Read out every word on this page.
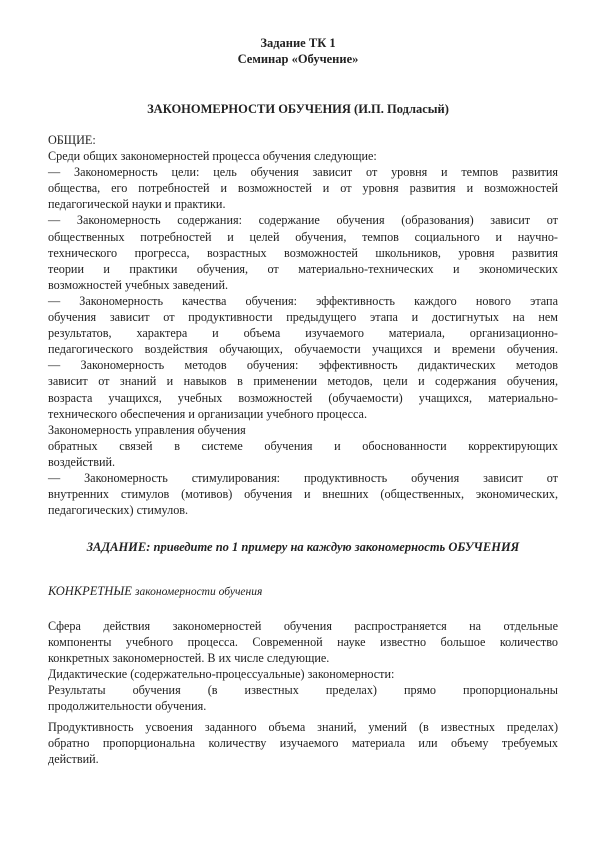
Задание ТК 1
Семинар «Обучение»
ЗАКОНОМЕРНОСТИ ОБУЧЕНИЯ (И.П. Подласый)
ОБЩИЕ:
Среди общих закономерностей процесса обучения следующие:
— Закономерность цели: цель обучения зависит от уровня и темпов развития
общества, его потребностей и возможностей и от уровня развития и возможностей
педагогической науки и практики.
— Закономерность содержания: содержание обучения (образования) зависит от
общественных потребностей и целей обучения, темпов социального и научно-
технического прогресса, возрастных возможностей школьников, уровня развития
теории и практики обучения, от материально-технических и экономических
возможностей учебных заведений.
— Закономерность качества обучения: эффективность каждого нового этапа
обучения зависит от продуктивности предыдущего этапа и достигнутых на нем
результатов, характера и объема изучаемого материала, организационно-
педагогического воздействия обучающих, обучаемости учащихся и времени обучения.
— Закономерность методов обучения: эффективность дидактических методов
зависит от знаний и навыков в применении методов, цели и содержания обучения,
возраста учащихся, учебных возможностей (обучаемости) учащихся, материально-
технического обеспечения и организации учебного процесса.
Закономерность управления обучения
обратных связей в системе обучения и обоснованности корректирующих
воздействий.
— Закономерность стимулирования: продуктивность обучения зависит от
внутренних стимулов (мотивов) обучения и внешних (общественных, экономических,
педагогических) стимулов.
ЗАДАНИЕ: приведите по 1 примеру на каждую закономерность ОБУЧЕНИЯ
КОНКРЕТНЫЕ закономерности обучения
Сфера действия закономерностей обучения распространяется на отдельные
компоненты учебного процесса. Современной науке известно большое количество
конкретных закономерностей. В их числе следующие.
Дидактические (содержательно-процессуальные) закономерности:
Результаты обучения (в известных пределах) прямо пропорциональны
продолжительности обучения.
Продуктивность усвоения заданного объема знаний, умений (в известных пределах)
обратно пропорциональна количеству изучаемого материала или объему требуемых
действий.
